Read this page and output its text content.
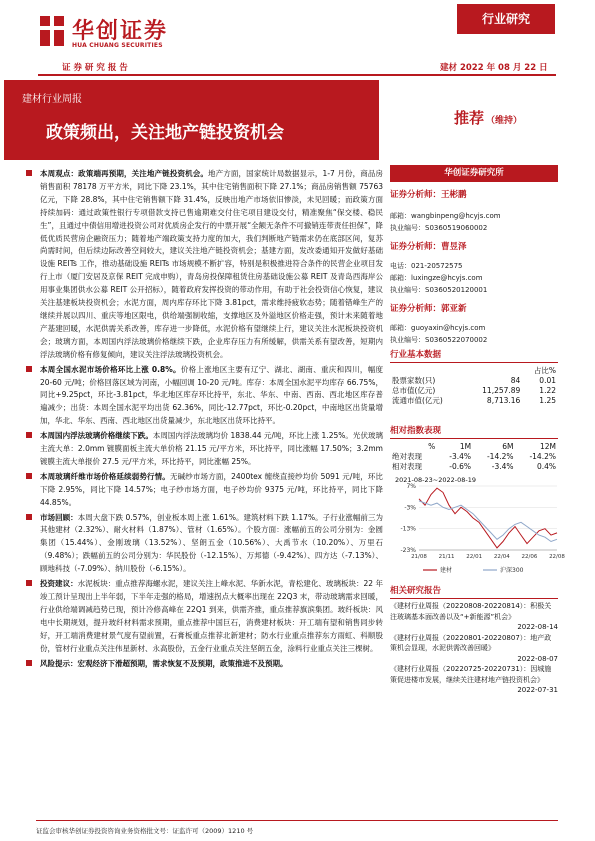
华创证券
HUA CHUANG SECURITIES
行业研究
证 券 研 究 报 告	建材 2022 年 08 月 22 日
建材行业周报
政策频出，关注地产链投资机会
推荐 （维持）
本周观点：政策端再预期，关注地产链投资机会。地产方面，国家统计局数据显示，1-7 月份，商品房销售面积 78178 万平方米，同比下降 23.1%，其中住宅销售面积下降 27.1%；商品房销售额 75763 亿元，下降 28.8%，其中住宅销售额下降 31.4%，反映出地产市场依旧惨淡，未见回暖；而政策方面持续加码：通过政策性银行专项借款支持已售逾期难交付住宅项目建设交付，精准聚焦“保交楼、稳民生”，且通过中债信用增进投资公司对优质房企发行的中票开展“全额无条件不可撤销连带责任担保”，降低优质民营房企融资压力；随着地产端政策支持力度的加大，我们判断地产链需求仍在底部区间，复苏尚需时间，但后续边际改善空间较大，建议关注地产链投资机会；基建方面，发改委通知开发做好基础设施 REITs 工作，推动基础设施 REITs 市场规模不断扩容，特别是积极推进符合条件的民营企业项目发行上市（厦门安居及京保 REIT 完成申购），青岛房投保障租赁住房基础设施公募 REIT 及青岛西海岸公用事业集团供水公募 REIT 公开招标），随着政府发挥投资的带动作用，有助于社会投资信心恢复，建议关注基建板块投资机会；水泥方面，周内库存环比下降 3.81pct，需求维持疲软态势；随着错峰生产的继续并展以四川、重庆等地区限电，供给端强制收缩，支撑地区及外溢地区价格走强，预计未来随着地产基建回暖，水泥供需关系改善，库存进一步降低，水泥价格有望继续上行，建议关注水泥板块投资机会；玻璃方面，本周国内浮法玻璃价格继续下跌，企业库存压力有所缓解，供需关系有望改善，短期内浮法玻璃价格有修复倾向，建议关注浮法玻璃投资机会。
本周全国水泥市场价格环比上涨 0.8%。价格上涨地区主要有辽宁、湖北、湖南、重庆和四川，幅度 20-60 元/吨；价格回落区域为河南，小幅回调 10-20 元/吨。库存：本周全国水泥平均库存 66.75%，同比+9.25pct，环比-3.81pct，华北地区库存环比持平，东北、华东、中南、西南、西北地区库存普遍减少；出货：本周全国水泥平均出货 62.36%，同比-12.77pct，环比-0.20pct，中南地区出货量增加，华北、华东、西南、西北地区出货量减少，东北地区出货环比持平。
本周国内浮法玻璃价格继续下跌。本周国内浮法玻璃均价 1838.44 元/吨，环比上涨 1.25%。光伏玻璃主流大单：2.0mm 镀膜面板主流大单价格 21.15 元/平方米，环比持平，同比涨幅 17.50%；3.2mm 镀膜主流大单报价 27.5 元/平方米，环比持平，同比涨幅 25%。
本周玻璃纤维市场价格延续弱势行情。无碱纱市场方面，2400tex 缠绕直接纱均价 5091 元/吨，环比下降 2.95%，同比下降 14.57%；电子纱市场方面，电子纱均价 9375 元/吨，环比持平，同比下降 44.85%。
市场回顾：本周大盘下跌 0.57%，创业板本周上涨 1.61%。建筑材料下跌 1.17%。子行业涨幅前三为其他建材（2.32%）、耐火材料（1.87%）、管材（1.65%）。个股方面：涨幅前五的公司分别为：金圆集团（15.44%）、金刚玻璃（13.52%）、坚朗五金（10.56%）、大禹节水（10.20%）、万里石（9.48%）；跌幅前五的公司分别为：华民股份（-12.15%）、万邦德（-9.42%）、四方达（-7.13%）、顾地科技（-7.09%）、纳川股份（-6.15%）。
投资建议：水泥板块：重点推荐海螺水泥，建议关注上峰水泥、华新水泥，青松建化、玻璃板块：22 年竣工预计呈现出上半年弱，下半年走强的格局，增速拐点大概率出现在 22Q3 末，带动玻璃需求回暖，行业供给端调减趋势已现，预计冷修高峰在 22Q1 到来，供需齐推，重点推荐旗滨集团。玻纤板块：风电中长期规划，提升玻纤材料需求预期，重点推荐中国巨石，消费建材板块：开工端有望和销售同步转好，开工端消费建材景气度有望前置，石膏板重点推荐北新建材；防水行业重点推荐东方雨虹、科顺股份，管材行业重点关注伟星新材、永高股份，五金行业重点关注坚朗五金，涂料行业重点关注三棵树。
风险提示：宏观经济下滑超预期，需求恢复不及预期，政策推进不及预期。
华创证券研究所
证券分析师：王彬鹏
邮箱：wangbinpeng@hcyjs.com
执业编号：S0360519060002
证券分析师：曹昱泽
电话：021-20572575
邮箱：luxingze@hcyjs.com
执业编号：S0360520120001
证券分析师：郭亚新
邮箱：guoyaxin@hcyjs.com
执业编号：S0360522070002
行业基本数据
		占比%
股票家数(只)	84	0.01
总市值(亿元)	11,257.89	1.22
流通市值(亿元)	8,713.16	1.25
相对指数表现
%	1M	6M	12M
绝对表现	-3.4%	-14.2%	-14.2%
相对表现	-0.6%	-3.4%	0.4%
2021-08-23~2022-08-19
7%
-3%
-13%
-23%
21/08 21/11 22/01 22/04 22/06 22/08
建材	沪深300
相关研究报告
《建材行业周报（20220808-20220814）：积极关注玻璃基本面改善以及“+新能源”机会》
2022-08-14
《建材行业周报（20220801-20220807）：地产政策机会显现，水泥供需改善回暖》
2022-08-07
《建材行业周报（20220725-20220731）：因城施策促进楼市发展，继续关注建材地产链投资机会》
2022-07-31
证监会审核华创证券投资咨询业务资格批文号：证监许可（2009）1210 号
